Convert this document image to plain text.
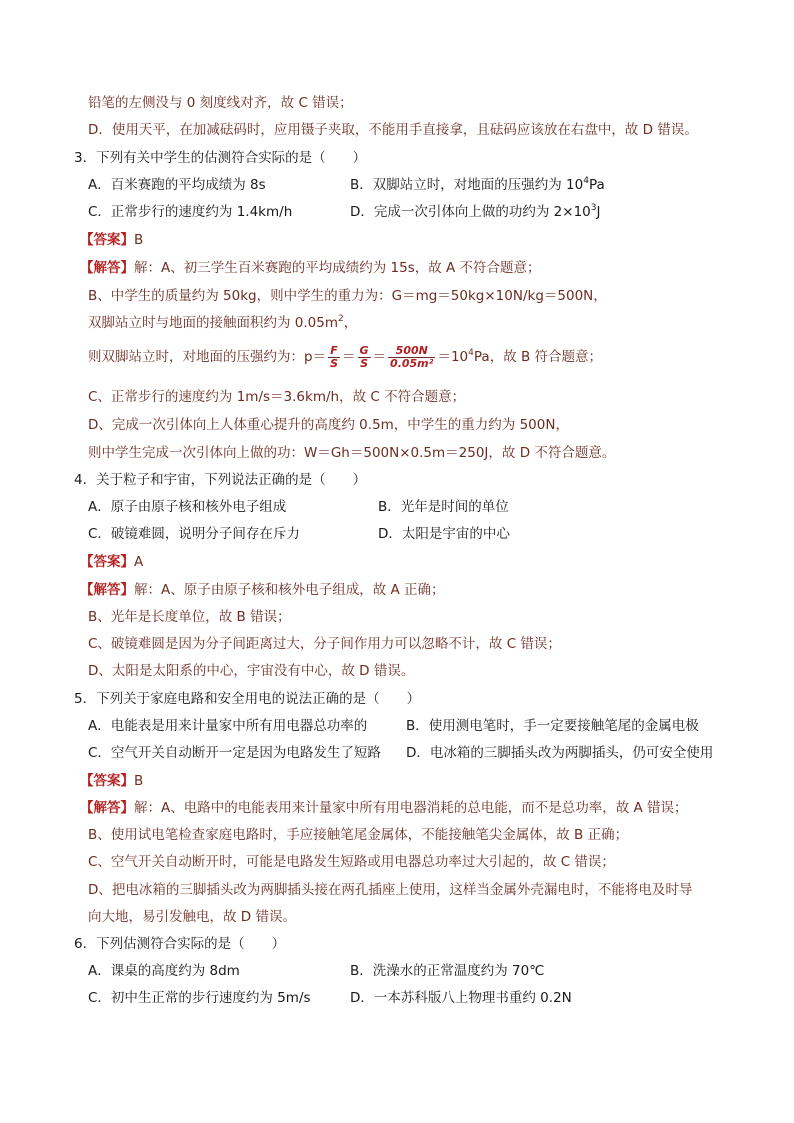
铅笔的左侧没与 0 刻度线对齐，故 C 错误；
D．使用天平，在加减砝码时，应用镊子夹取，不能用手直接拿，且砝码应该放在右盘中，故 D 错误。
3．下列有关中学生的估测符合实际的是（　　）
A．百米赛跑的平均成绩为 8s	B．双脚站立时，对地面的压强约为 $10^4Pa$
C．正常步行的速度约为 1.4km/h	D．完成一次引体向上做的功约为 $2\times 10^3J$
【答案】B
【解答】解：A、初三学生百米赛跑的平均成绩约为 15s，故 A 不符合题意；
B、中学生的质量约为 50kg，则中学生的重力为：G＝mg＝50kg×10N/kg＝500N，
双脚站立时与地面的接触面积约为 $0.05m^2$，
则双脚站立时，对地面的压强约为：$p= \frac{F}{S} = \frac{G}{S} = \frac{500N}{\text{0.05m²}} =10^4Pa$，故 B 符合题意；
C、正常步行的速度约为 1m/s＝3.6km/h，故 C 不符合题意；
D、完成一次引体向上人体重心提升的高度约 0.5m，中学生的重力约为 500N，
则中学生完成一次引体向上做的功：W＝Gh＝500N×0.5m＝250J，故 D 不符合题意。
4．关于粒子和宇宙，下列说法正确的是（　　）
A．原子由原子核和核外电子组成	B．光年是时间的单位
C．破镜难圆，说明分子间存在斥力	D．太阳是宇宙的中心
【答案】A
【解答】解：A、原子由原子核和核外电子组成，故 A 正确；
B、光年是长度单位，故 B 错误；
C、破镜难圆是因为分子间距离过大，分子间作用力可以忽略不计，故 C 错误；
D、太阳是太阳系的中心，宇宙没有中心，故 D 错误。
5．下列关于家庭电路和安全用电的说法正确的是（　　）
A．电能表是用来计量家中所有用电器总功率的	B．使用测电笔时，手一定要接触笔尾的金属电极
C．空气开关自动断开一定是因为电路发生了短路 D．电冰箱的三脚插头改为两脚插头，仍可安全使用
【答案】B
【解答】解：A、电路中的电能表用来计量家中所有用电器消耗的总电能，而不是总功率，故 A 错误；
B、使用试电笔检查家庭电路时，手应接触笔尾金属体，不能接触笔尖金属体，故 B 正确；
C、空气开关自动断开时，可能是电路发生短路或用电器总功率过大引起的，故 C 错误；
D、把电冰箱的三脚插头改为两脚插头接在两孔插座上使用，这样当金属外壳漏电时，不能将电及时导
向大地，易引发触电，故 D 错误。
6．下列估测符合实际的是（　　）
A．课桌的高度约为 8dm	B．洗澡水的正常温度约为 70℃
C．初中生正常的步行速度约为 5m/s	D．一本苏科版八上物理书重约 0.2N
